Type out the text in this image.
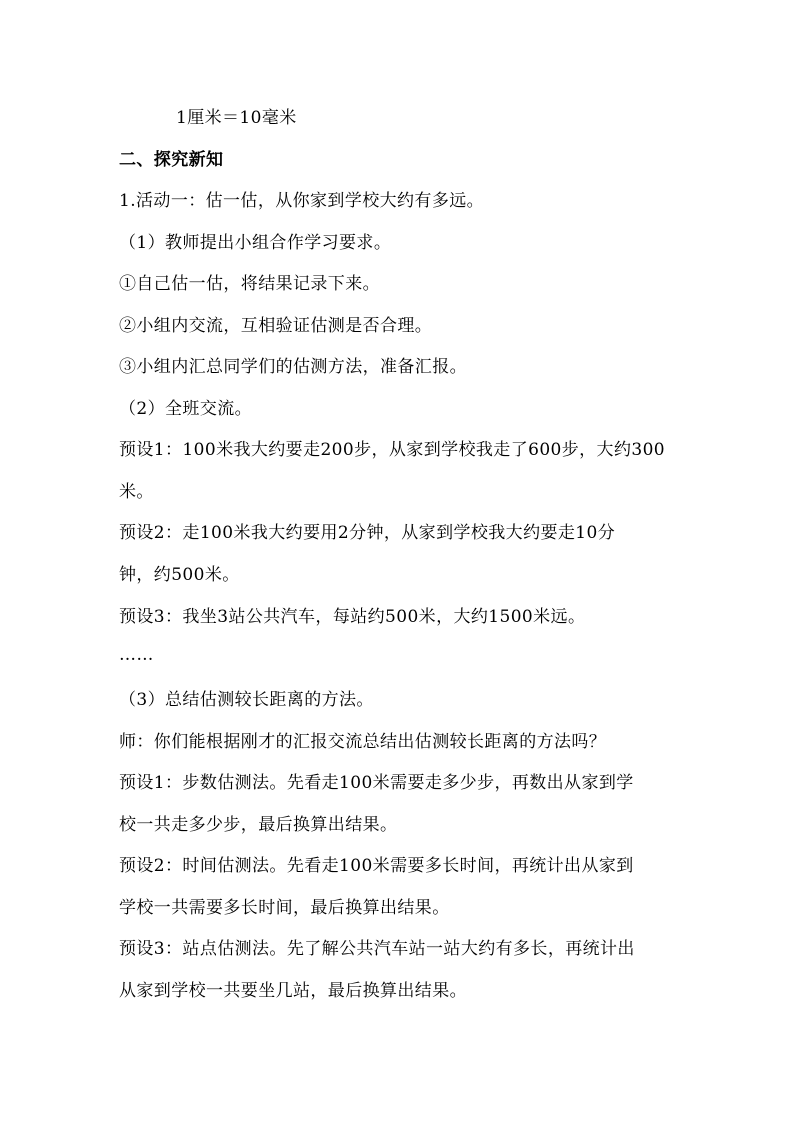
1厘米＝10毫米
二、探究新知
1.活动一：估一估，从你家到学校大约有多远。
（1）教师提出小组合作学习要求。
①自己估一估，将结果记录下来。
②小组内交流，互相验证估测是否合理。
③小组内汇总同学们的估测方法，准备汇报。
（2）全班交流。
预设1：100米我大约要走200步，从家到学校我走了600步，大约300
米。
预设2：走100米我大约要用2分钟，从家到学校我大约要走10分
钟，约500米。
预设3：我坐3站公共汽车，每站约500米，大约1500米远。
……
（3）总结估测较长距离的方法。
师：你们能根据刚才的汇报交流总结出估测较长距离的方法吗？
预设1：步数估测法。先看走100米需要走多少步，再数出从家到学
校一共走多少步，最后换算出结果。
预设2：时间估测法。先看走100米需要多长时间，再统计出从家到
学校一共需要多长时间，最后换算出结果。
预设3：站点估测法。先了解公共汽车站一站大约有多长，再统计出
从家到学校一共要坐几站，最后换算出结果。
